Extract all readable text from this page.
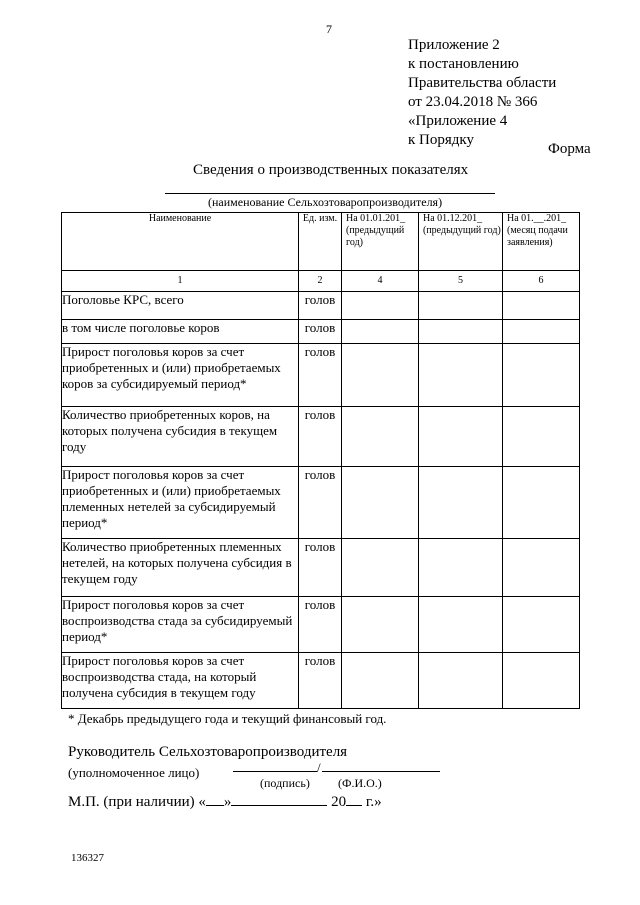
7
Приложение 2
к постановлению
Правительства области
от 23.04.2018 № 366
«Приложение 4
к Порядку
Форма
Сведения о производственных показателях
(наименование Сельхозтоваропроизводителя)
Наименование	Ед. изм.	На 01.01.201_ (предыдущий год)	На 01.12.201_ (предыдущий год)	На 01.__.201_ (месяц подачи заявления)
1	2	4	5	6
Поголовье КРС, всего	голов			
в том числе поголовье коров	голов			
Прирост поголовья коров за счет приобретенных и (или) приобретаемых коров за субсидируемый период*	голов			
Количество приобретенных коров, на которых получена субсидия в текущем году	голов			
Прирост поголовья коров за счет приобретенных и (или) приобретаемых племенных нетелей за субсидируемый период*	голов			
Количество приобретенных племенных нетелей, на которых получена субсидия в текущем году	голов			
Прирост поголовья коров за счет воспроизводства стада за субсидируемый период*	голов			
Прирост поголовья коров за счет воспроизводства стада, на который получена субсидия в текущем году	голов			
* Декабрь предыдущего года и текущий финансовый год.
Руководитель Сельхозтоваропроизводителя
(уполномоченное лицо)	/
(подпись) (Ф.И.О.)
М.П. (при наличии) « »	20 г.»
136327
